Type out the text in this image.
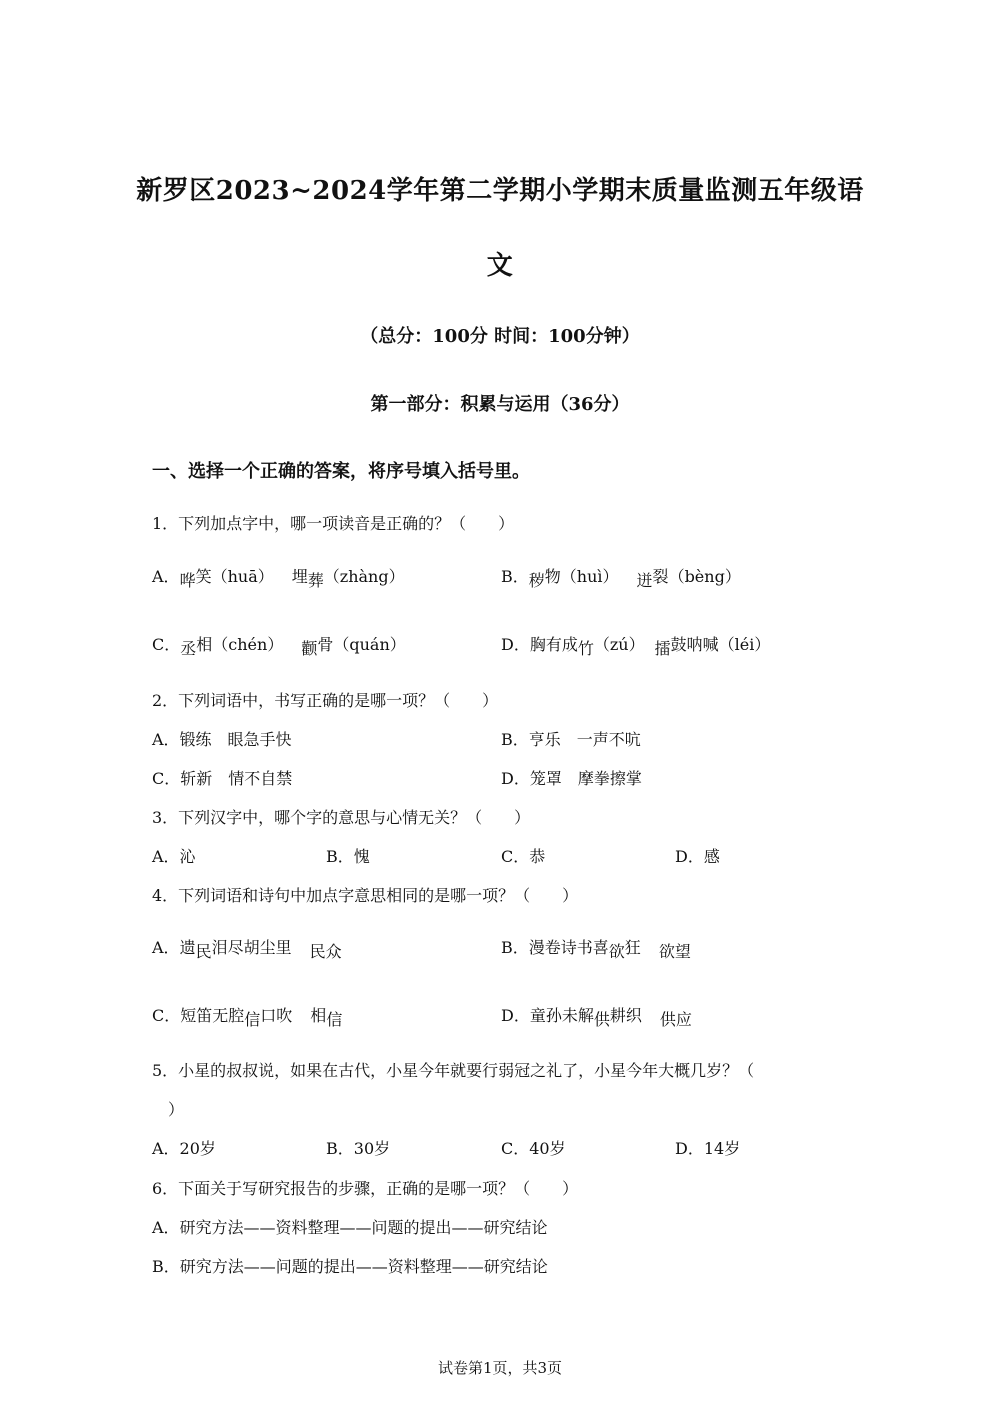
新罗区2023~2024学年第二学期小学期末质量监测五年级语
文
（总分：100分 时间：100分钟）
第一部分：积累与运用（36分）
一、选择一个正确的答案，将序号填入括号里。
1．下列加点字中，哪一项读音是正确的？（　　）
A．哗笑（huā） 埋葬（zhàng）	B．秽物（huì） 迸裂（bèng）
C．丞相（chén） 颧骨（quán）	D．胸有成竹（zú） 擂鼓呐喊（léi）
2．下列词语中，书写正确的是哪一项？（　　）
A．锻练　眼急手快	B．亨乐　一声不吭
C．斩新　情不自禁	D．笼罩　摩拳擦掌
3．下列汉字中，哪个字的意思与心情无关？（　　）
A．沁	B．愧	C．恭	D．感
4．下列词语和诗句中加点字意思相同的是哪一项？（　　）
A．遗民泪尽胡尘里 民众	B．漫卷诗书喜欲狂 欲望
C．短笛无腔信口吹 相信	D．童孙未解供耕织 供应
5．小星的叔叔说，如果在古代，小星今年就要行弱冠之礼了，小星今年大概几岁？（
）
A．20岁	B．30岁	C．40岁	D．14岁
6．下面关于写研究报告的步骤，正确的是哪一项？（　　）
A．研究方法——资料整理——问题的提出——研究结论
B．研究方法——问题的提出——资料整理——研究结论
试卷第1页，共3页
